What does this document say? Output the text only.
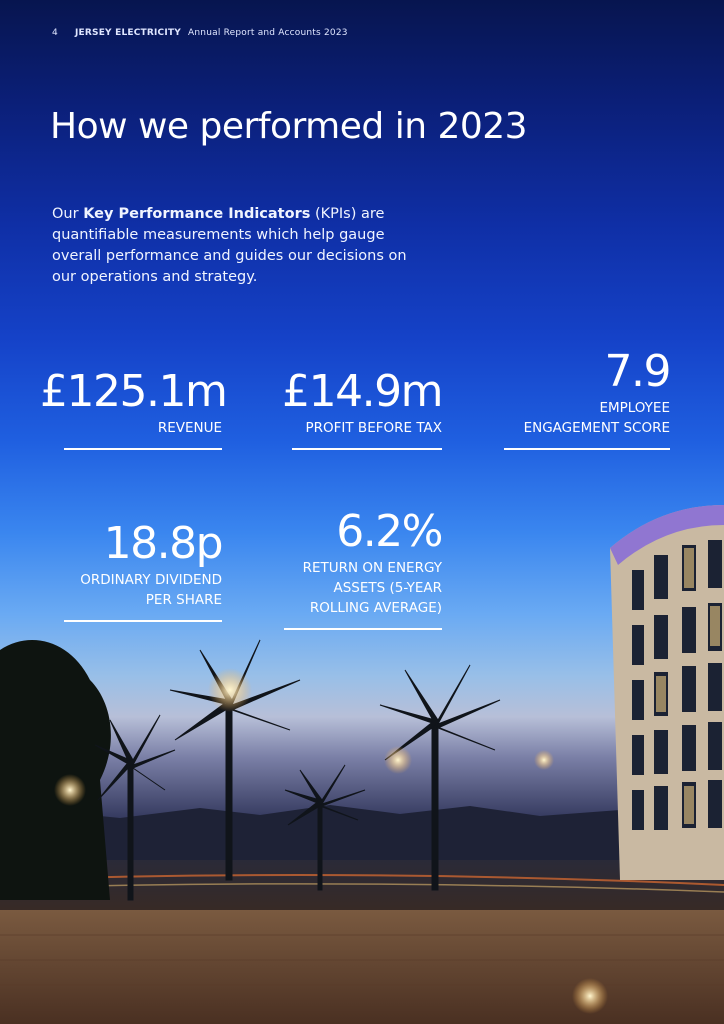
4 JERSEY ELECTRICITY Annual Report and Accounts 2023
How we performed in 2023

Our Key Performance Indicators (KPIs) are quantifiable measurements which help gauge overall performance and guides our decisions on our operations and strategy.

£125.1m
REVENUE
£14.9m
PROFIT BEFORE TAX
7.9
EMPLOYEE
ENGAGEMENT SCORE
18.8p
ORDINARY DIVIDEND
PER SHARE
6.2%
RETURN ON ENERGY
ASSETS (5-YEAR
ROLLING AVERAGE)
